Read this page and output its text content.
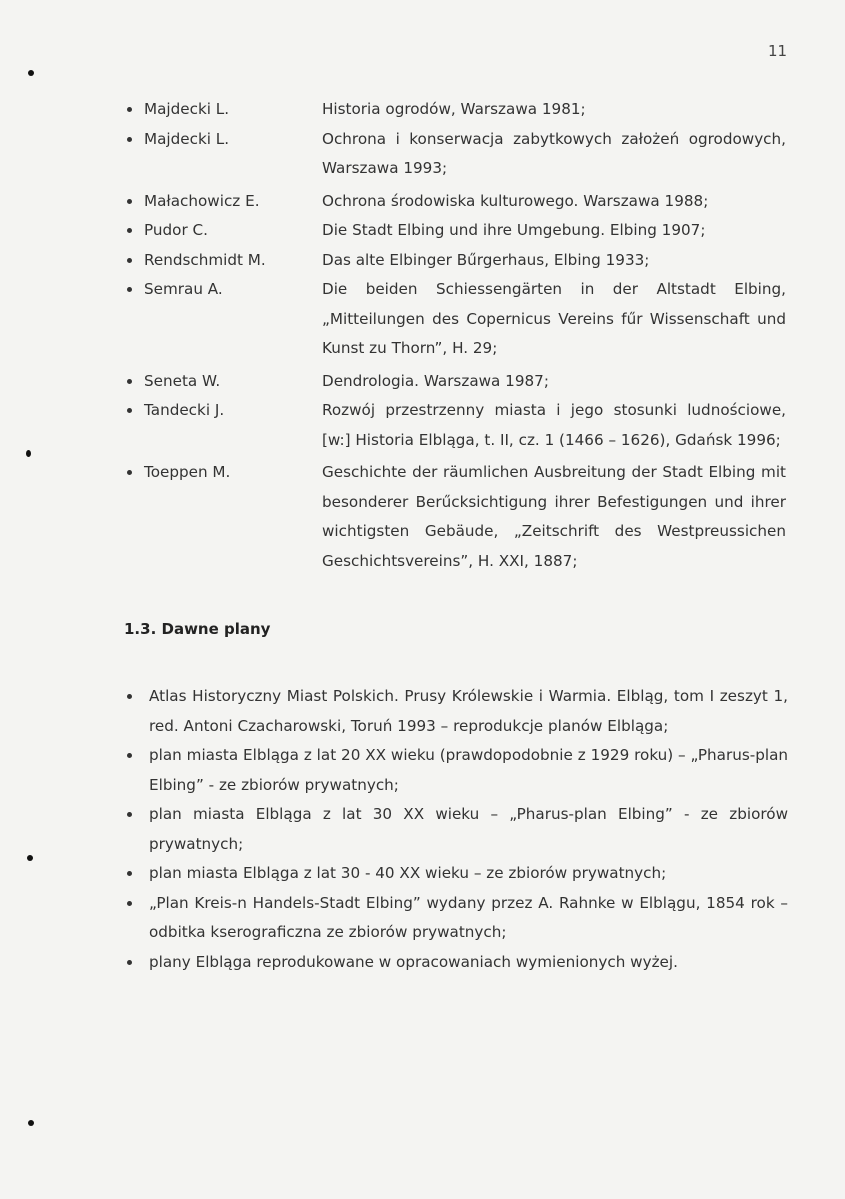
11
Majdecki L.	Historia ogrodów, Warszawa 1981;
Majdecki L.	Ochrona i konserwacja zabytkowych założeń ogrodowych, Warszawa 1993;
Małachowicz E.	Ochrona środowiska kulturowego. Warszawa 1988;
Pudor C.	Die Stadt Elbing und ihre Umgebung. Elbing 1907;
Rendschmidt M.	Das alte Elbinger Bűrgerhaus, Elbing 1933;
Semrau A.	Die beiden Schiessengärten in der Altstadt Elbing, „Mitteilungen des Copernicus Vereins fűr Wissenschaft und Kunst zu Thorn”, H. 29;
Seneta W.	Dendrologia. Warszawa 1987;
Tandecki J.	Rozwój przestrzenny miasta i jego stosunki ludnościowe, [w:] Historia Elbląga, t. II, cz. 1 (1466 – 1626), Gdańsk 1996;
Toeppen M.	Geschichte der räumlichen Ausbreitung der Stadt Elbing mit besonderer Berűcksichtigung ihrer Befestigungen und ihrer wichtigsten Gebäude, „Zeitschrift des Westpreussichen Geschichtsvereins”, H. XXI, 1887;
1.3. Dawne plany
Atlas Historyczny Miast Polskich. Prusy Królewskie i Warmia. Elbląg, tom I zeszyt 1, red. Antoni Czacharowski, Toruń 1993 – reprodukcje planów Elbląga;
plan miasta Elbląga z lat 20 XX wieku (prawdopodobnie z 1929 roku) – „Pharus-plan Elbing” - ze zbiorów prywatnych;
plan miasta Elbląga z lat 30 XX wieku – „Pharus-plan Elbing” - ze zbiorów prywatnych;
plan miasta Elbląga z lat 30 - 40 XX wieku – ze zbiorów prywatnych;
„Plan Kreis-n Handels-Stadt Elbing” wydany przez A. Rahnke w Elblągu, 1854 rok – odbitka kserograficzna ze zbiorów prywatnych;
plany Elbląga reprodukowane w opracowaniach wymienionych wyżej.
